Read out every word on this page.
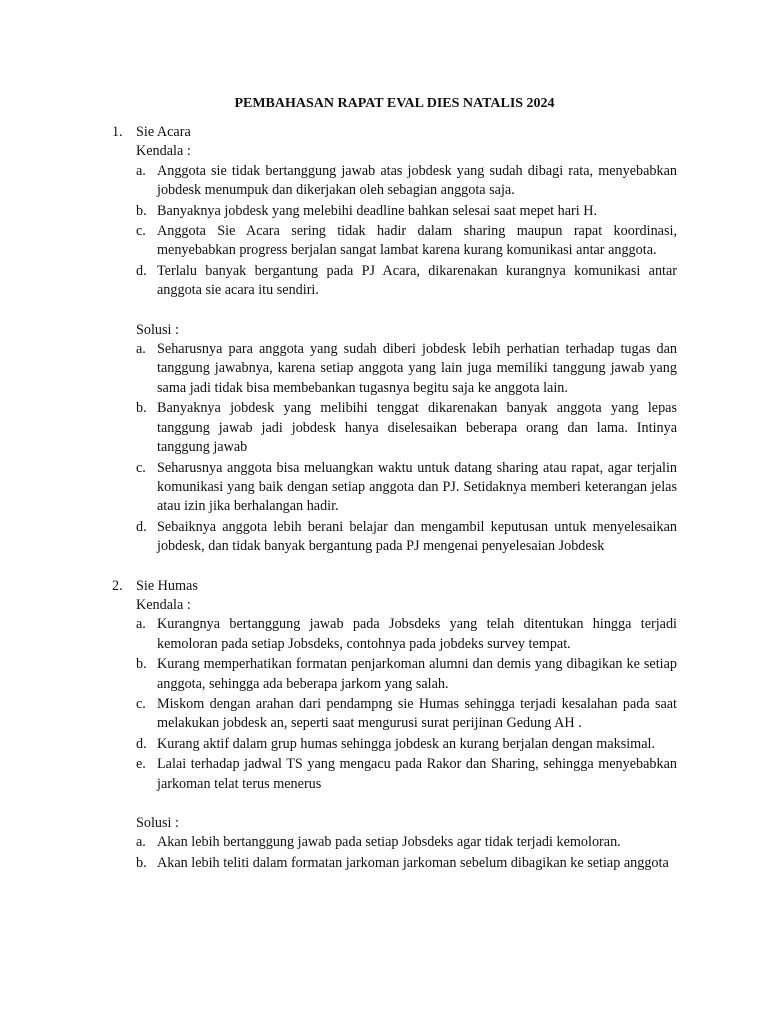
PEMBAHASAN RAPAT EVAL DIES NATALIS 2024
1. Sie Acara

Kendala :

a. Anggota sie tidak bertanggung jawab atas jobdesk yang sudah dibagi rata, menyebabkan jobdesk menumpuk dan dikerjakan oleh sebagian anggota saja.
b. Banyaknya jobdesk yang melebihi deadline bahkan selesai saat mepet hari H.
c. Anggota Sie Acara sering tidak hadir dalam sharing maupun rapat koordinasi, menyebabkan progress berjalan sangat lambat karena kurang komunikasi antar anggota.
d. Terlalu banyak bergantung pada PJ Acara, dikarenakan kurangnya komunikasi antar anggota sie acara itu sendiri.

Solusi :

a. Seharusnya para anggota yang sudah diberi jobdesk lebih perhatian terhadap tugas dan tanggung jawabnya, karena setiap anggota yang lain juga memiliki tanggung jawab yang sama jadi tidak bisa membebankan tugasnya begitu saja ke anggota lain.
b. Banyaknya jobdesk yang melibihi tenggat dikarenakan banyak anggota yang lepas tanggung jawab jadi jobdesk hanya diselesaikan beberapa orang dan lama. Intinya tanggung jawab
c. Seharusnya anggota bisa meluangkan waktu untuk datang sharing atau rapat, agar terjalin komunikasi yang baik dengan setiap anggota dan PJ. Setidaknya memberi keterangan jelas atau izin jika berhalangan hadir.
d. Sebaiknya anggota lebih berani belajar dan mengambil keputusan untuk menyelesaikan jobdesk, dan tidak banyak bergantung pada PJ mengenai penyelesaian Jobdesk
2. Sie Humas

Kendala :

a. Kurangnya bertanggung jawab pada Jobsdeks yang telah ditentukan hingga terjadi kemoloran pada setiap Jobsdeks, contohnya pada jobdeks survey tempat.
b. Kurang memperhatikan formatan penjarkoman alumni dan demis yang dibagikan ke setiap anggota, sehingga ada beberapa jarkom yang salah.
c. Miskom dengan arahan dari pendampng sie Humas sehingga terjadi kesalahan pada saat melakukan jobdesk an, seperti saat mengurusi surat perijinan Gedung AH .
d. Kurang aktif dalam grup humas sehingga jobdesk an kurang berjalan dengan maksimal.
e. Lalai terhadap jadwal TS yang mengacu pada Rakor dan Sharing, sehingga menyebabkan jarkoman telat terus menerus

Solusi :

a. Akan lebih bertanggung jawab pada setiap Jobsdeks agar tidak terjadi kemoloran.
b. Akan lebih teliti dalam formatan jarkoman jarkoman sebelum dibagikan ke setiap anggota
